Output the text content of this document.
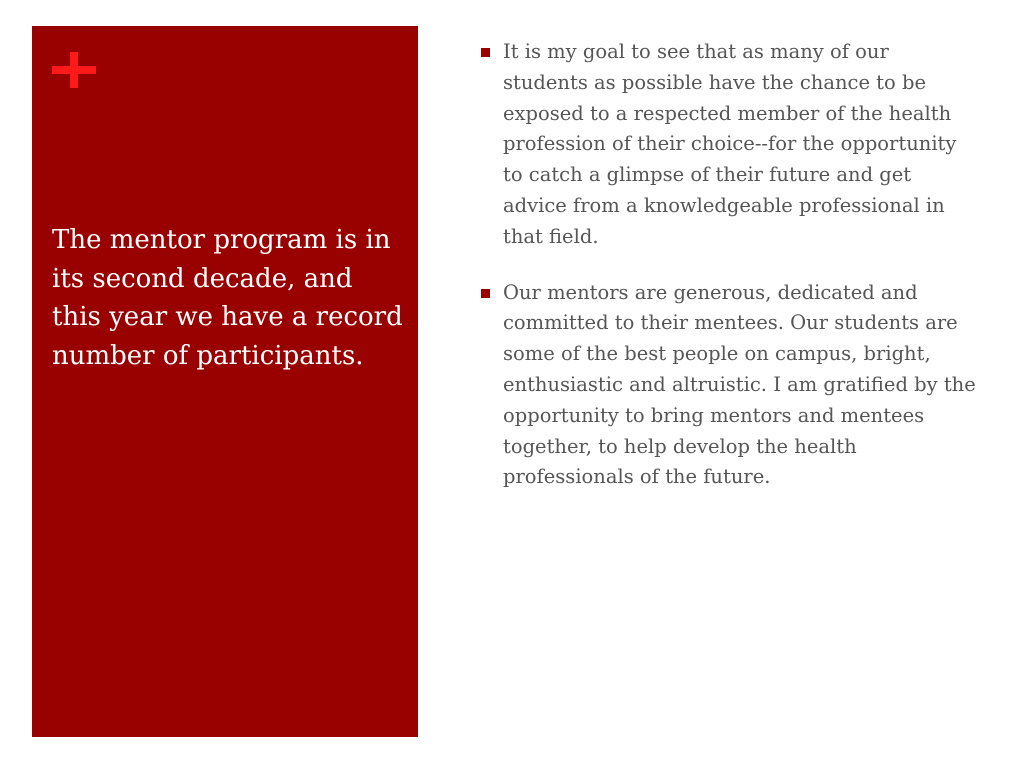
The mentor program is in its second decade, and this year we have a record number of participants.
It is my goal to see that as many of our students as possible have the chance to be exposed to a respected member of the health profession of their choice--for the opportunity to catch a glimpse of their future and get advice from a knowledgeable professional in that field.
Our mentors are generous, dedicated and committed to their mentees. Our students are some of the best people on campus, bright, enthusiastic and altruistic. I am gratified by the opportunity to bring mentors and mentees together, to help develop the health professionals of the future.
